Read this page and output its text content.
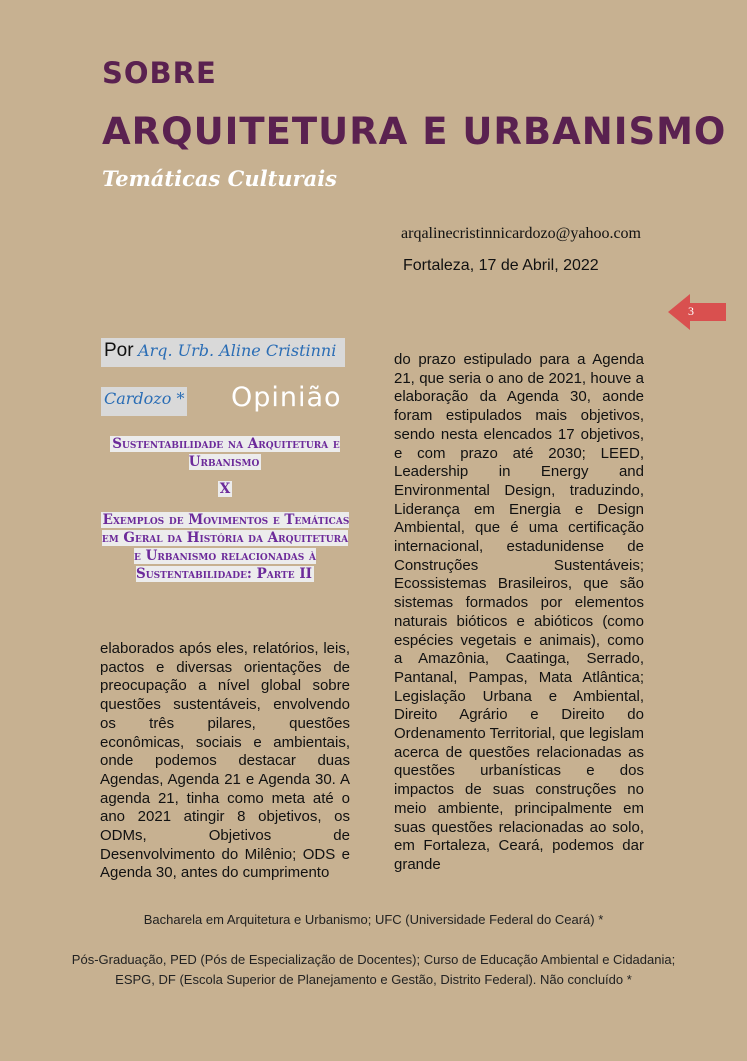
SOBRE
ARQUITETURA E URBANISMO
Temáticas Culturais
arqalinecristinnicardozo@yahoo.com
Fortaleza, 17 de Abril, 2022
3
Por Arq. Urb. Aline Cristinni
Cardozo * Opinião
Sustentabilidade na Arquitetura e Urbanismo
X
Exemplos de Movimentos e Temáticas em Geral da História da Arquitetura e Urbanismo relacionadas à Sustentabilidade: Parte II
elaborados após eles, relatórios, leis, pactos e diversas orientações de preocupação a nível global sobre questões sustentáveis, envolvendo os três pilares, questões econômicas, sociais e ambientais, onde podemos destacar duas Agendas, Agenda 21 e Agenda 30. A agenda 21, tinha como meta até o ano 2021 atingir 8 objetivos, os ODMs, Objetivos de Desenvolvimento do Milênio; ODS e Agenda 30, antes do cumprimento
do prazo estipulado para a Agenda 21, que seria o ano de 2021, houve a elaboração da Agenda 30, aonde foram estipulados mais objetivos, sendo nesta elencados 17 objetivos, e com prazo até 2030; LEED, Leadership in Energy and Environmental Design, traduzindo, Liderança em Energia e Design Ambiental, que é uma certificação internacional, estadunidense de Construções Sustentáveis; Ecossistemas Brasileiros, que são sistemas formados por elementos naturais bióticos e abióticos (como espécies vegetais e animais), como a Amazônia, Caatinga, Serrado, Pantanal, Pampas, Mata Atlântica; Legislação Urbana e Ambiental, Direito Agrário e Direito do Ordenamento Territorial, que legislam acerca de questões relacionadas as questões urbanísticas e dos impactos de suas construções no meio ambiente, principalmente em suas questões relacionadas ao solo, em Fortaleza, Ceará, podemos dar grande
Bacharela em Arquitetura e Urbanismo; UFC (Universidade Federal do Ceará) *
Pós-Graduação, PED (Pós de Especialização de Docentes); Curso de Educação Ambiental e Cidadania; ESPG, DF (Escola Superior de Planejamento e Gestão, Distrito Federal). Não concluído *
